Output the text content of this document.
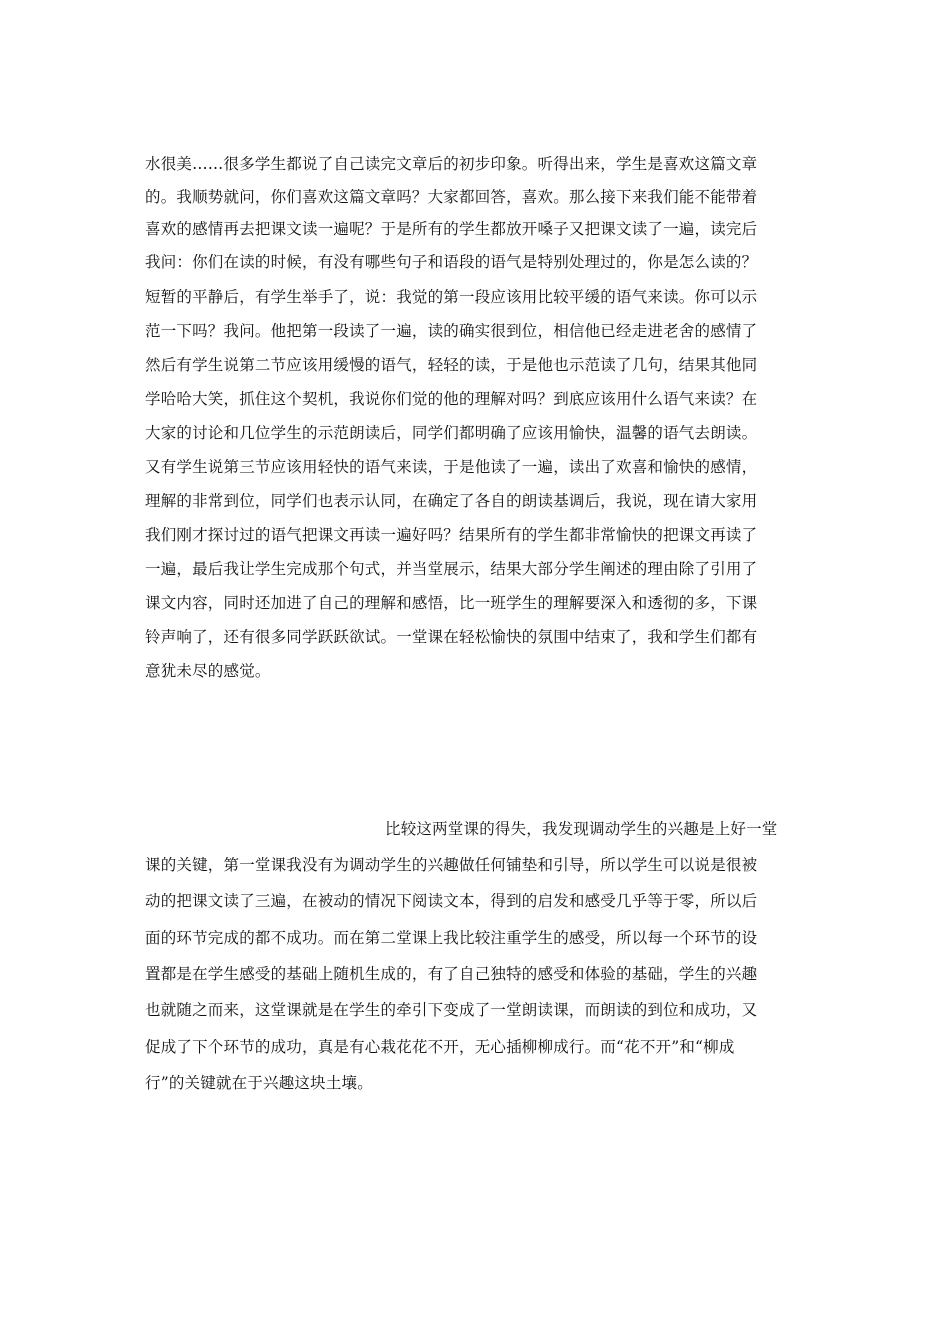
水很美……很多学生都说了自己读完文章后的初步印象。听得出来，学生是喜欢这篇文章
的。我顺势就问，你们喜欢这篇文章吗？大家都回答，喜欢。那么接下来我们能不能带着
喜欢的感情再去把课文读一遍呢？于是所有的学生都放开嗓子又把课文读了一遍，读完后
我问：你们在读的时候，有没有哪些句子和语段的语气是特别处理过的，你是怎么读的？
短暂的平静后，有学生举手了，说：我觉的第一段应该用比较平缓的语气来读。你可以示
范一下吗？我问。他把第一段读了一遍，读的确实很到位，相信他已经走进老舍的感情了
然后有学生说第二节应该用缓慢的语气，轻轻的读，于是他也示范读了几句，结果其他同
学哈哈大笑，抓住这个契机，我说你们觉的他的理解对吗？到底应该用什么语气来读？在
大家的讨论和几位学生的示范朗读后，同学们都明确了应该用愉快，温馨的语气去朗读。
又有学生说第三节应该用轻快的语气来读，于是他读了一遍，读出了欢喜和愉快的感情，
理解的非常到位，同学们也表示认同，在确定了各自的朗读基调后，我说，现在请大家用
我们刚才探讨过的语气把课文再读一遍好吗？结果所有的学生都非常愉快的把课文再读了
一遍，最后我让学生完成那个句式，并当堂展示，结果大部分学生阐述的理由除了引用了
课文内容，同时还加进了自己的理解和感悟，比一班学生的理解要深入和透彻的多，下课
铃声响了，还有很多同学跃跃欲试。一堂课在轻松愉快的氛围中结束了，我和学生们都有
意犹未尽的感觉。
比较这两堂课的得失，我发现调动学生的兴趣是上好一堂
课的关键，第一堂课我没有为调动学生的兴趣做任何铺垫和引导，所以学生可以说是很被
动的把课文读了三遍，在被动的情况下阅读文本，得到的启发和感受几乎等于零，所以后
面的环节完成的都不成功。而在第二堂课上我比较注重学生的感受，所以每一个环节的设
置都是在学生感受的基础上随机生成的，有了自己独特的感受和体验的基础，学生的兴趣
也就随之而来，这堂课就是在学生的牵引下变成了一堂朗读课，而朗读的到位和成功，又
促成了下个环节的成功，真是有心栽花花不开，无心插柳柳成行。而“花不开”和“柳成
行”的关键就在于兴趣这块土壤。
